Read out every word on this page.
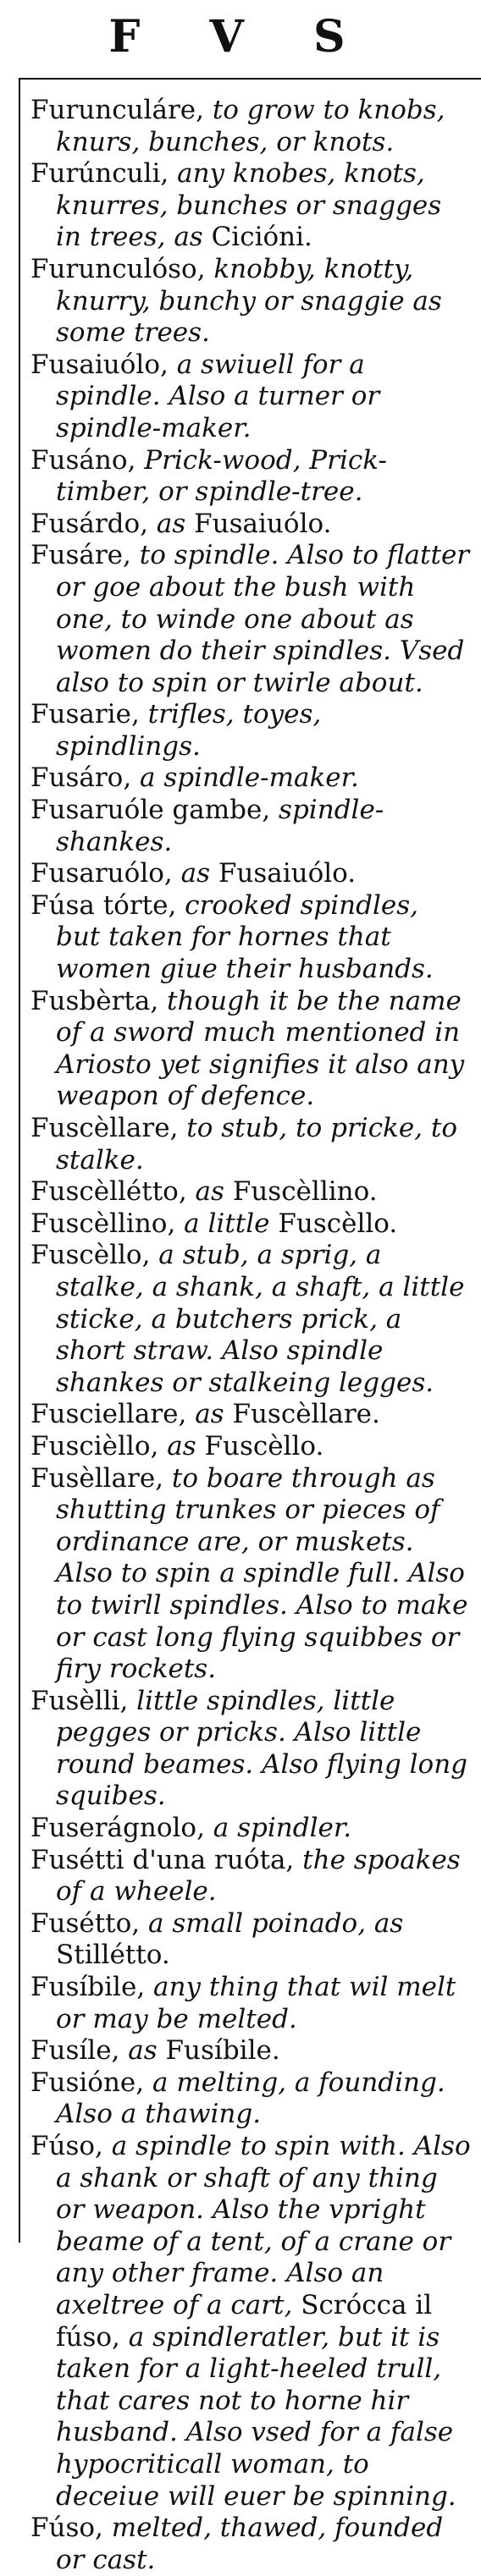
F V S
Furunculáre, to grow to knobs, knurs, bunches, or knots.
Furúnculi, any knobes, knots, knurres, bunches or snagges in trees, as Cicióni.
Furunculóso, knobby, knotty, knurry, bunchy or snaggie as some trees.
Fusaiuólo, a swiuell for a spindle. Also a turner or spindle-maker.
Fusáno, Prick-wood, Prick-timber, or spindle-tree.
Fusárdo, as Fusaiuólo.
Fusáre, to spindle. Also to flatter or goe about the bush with one, to winde one about as women do their spindles. Vsed also to spin or twirle about.
Fusarie, trifles, toyes, spindlings.
Fusáro, a spindle-maker.
Fusaruóle gambe, spindle-shankes.
Fusaruólo, as Fusaiuólo.
Fúsa tórte, crooked spindles, but taken for hornes that women giue their husbands.
Fusbèrta, though it be the name of a sword much mentioned in Ariosto yet signifies it also any weapon of defence.
Fuscèllare, to stub, to pricke, to stalke.
Fuscèllétto, as Fuscèllino.
Fuscèllino, a little Fuscèllo.
Fuscèllo, a stub, a sprig, a stalke, a shank, a shaft, a little sticke, a butchers prick, a short straw. Also spindle shankes or stalkeing legges.
Fusciellare, as Fuscèllare.
Fuscièllo, as Fuscèllo.
Fusèllare, to boare through as shutting trunkes or pieces of ordinance are, or muskets. Also to spin a spindle full. Also to twirll spindles. Also to make or cast long flying squibbes or firy rockets.
Fusèlli, little spindles, little pegges or pricks. Also little round beames. Also flying long squibes.
Fuserágnolo, a spindler.
Fusétti d'una ruóta, the spoakes of a wheele.
Fusétto, a small poinado, as Stillétto.
Fusíbile, any thing that wil melt or may be melted.
Fusíle, as Fusíbile.
Fusióne, a melting, a founding. Also a thawing.
Fúso, a spindle to spin with. Also a shank or shaft of any thing or weapon. Also the vpright beame of a tent, of a crane or any other frame. Also an axeltree of a cart, Scrócca il fúso, a spindleratler, but it is taken for a light-heeled trull, that cares not to horne hir husband. Also vsed for a false hypocriticall woman, to deceiue will euer be spinning.
Fúso, melted, thawed, founded or cast.
